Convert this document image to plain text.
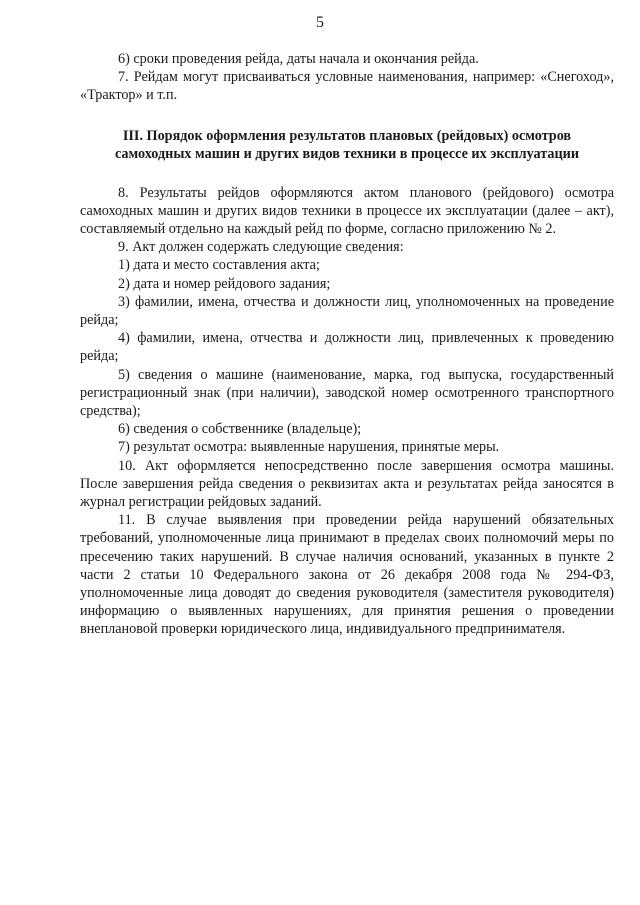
5

6) сроки проведения рейда, даты начала и окончания рейда.

7. Рейдам могут присваиваться условные наименования, например: «Снегоход», «Трактор» и т.п.

III. Порядок оформления результатов плановых (рейдовых) осмотров самоходных машин и других видов техники в процессе их эксплуатации

8. Результаты рейдов оформляются актом планового (рейдового) осмотра самоходных машин и других видов техники в процессе их эксплуатации (далее – акт), составляемый отдельно на каждый рейд по форме, согласно приложению № 2.

9. Акт должен содержать следующие сведения:

1) дата и место составления акта;

2) дата и номер рейдового задания;

3) фамилии, имена, отчества и должности лиц, уполномоченных на проведение рейда;

4) фамилии, имена, отчества и должности лиц, привлеченных к проведению рейда;

5) сведения о машине (наименование, марка, год выпуска, государственный регистрационный знак (при наличии), заводской номер осмотренного транспортного средства);

6) сведения о собственнике (владельце);

7) результат осмотра: выявленные нарушения, принятые меры.

10. Акт оформляется непосредственно после завершения осмотра машины. После завершения рейда сведения о реквизитах акта и результатах рейда заносятся в журнал регистрации рейдовых заданий.

11. В случае выявления при проведении рейда нарушений обязательных требований, уполномоченные лица принимают в пределах своих полномочий меры по пресечению таких нарушений. В случае наличия оснований, указанных в пункте 2 части 2 статьи 10 Федерального закона от 26 декабря 2008 года № 294-ФЗ, уполномоченные лица доводят до сведения руководителя (заместителя руководителя) информацию о выявленных нарушениях, для принятия решения о проведении внеплановой проверки юридического лица, индивидуального предпринимателя.
